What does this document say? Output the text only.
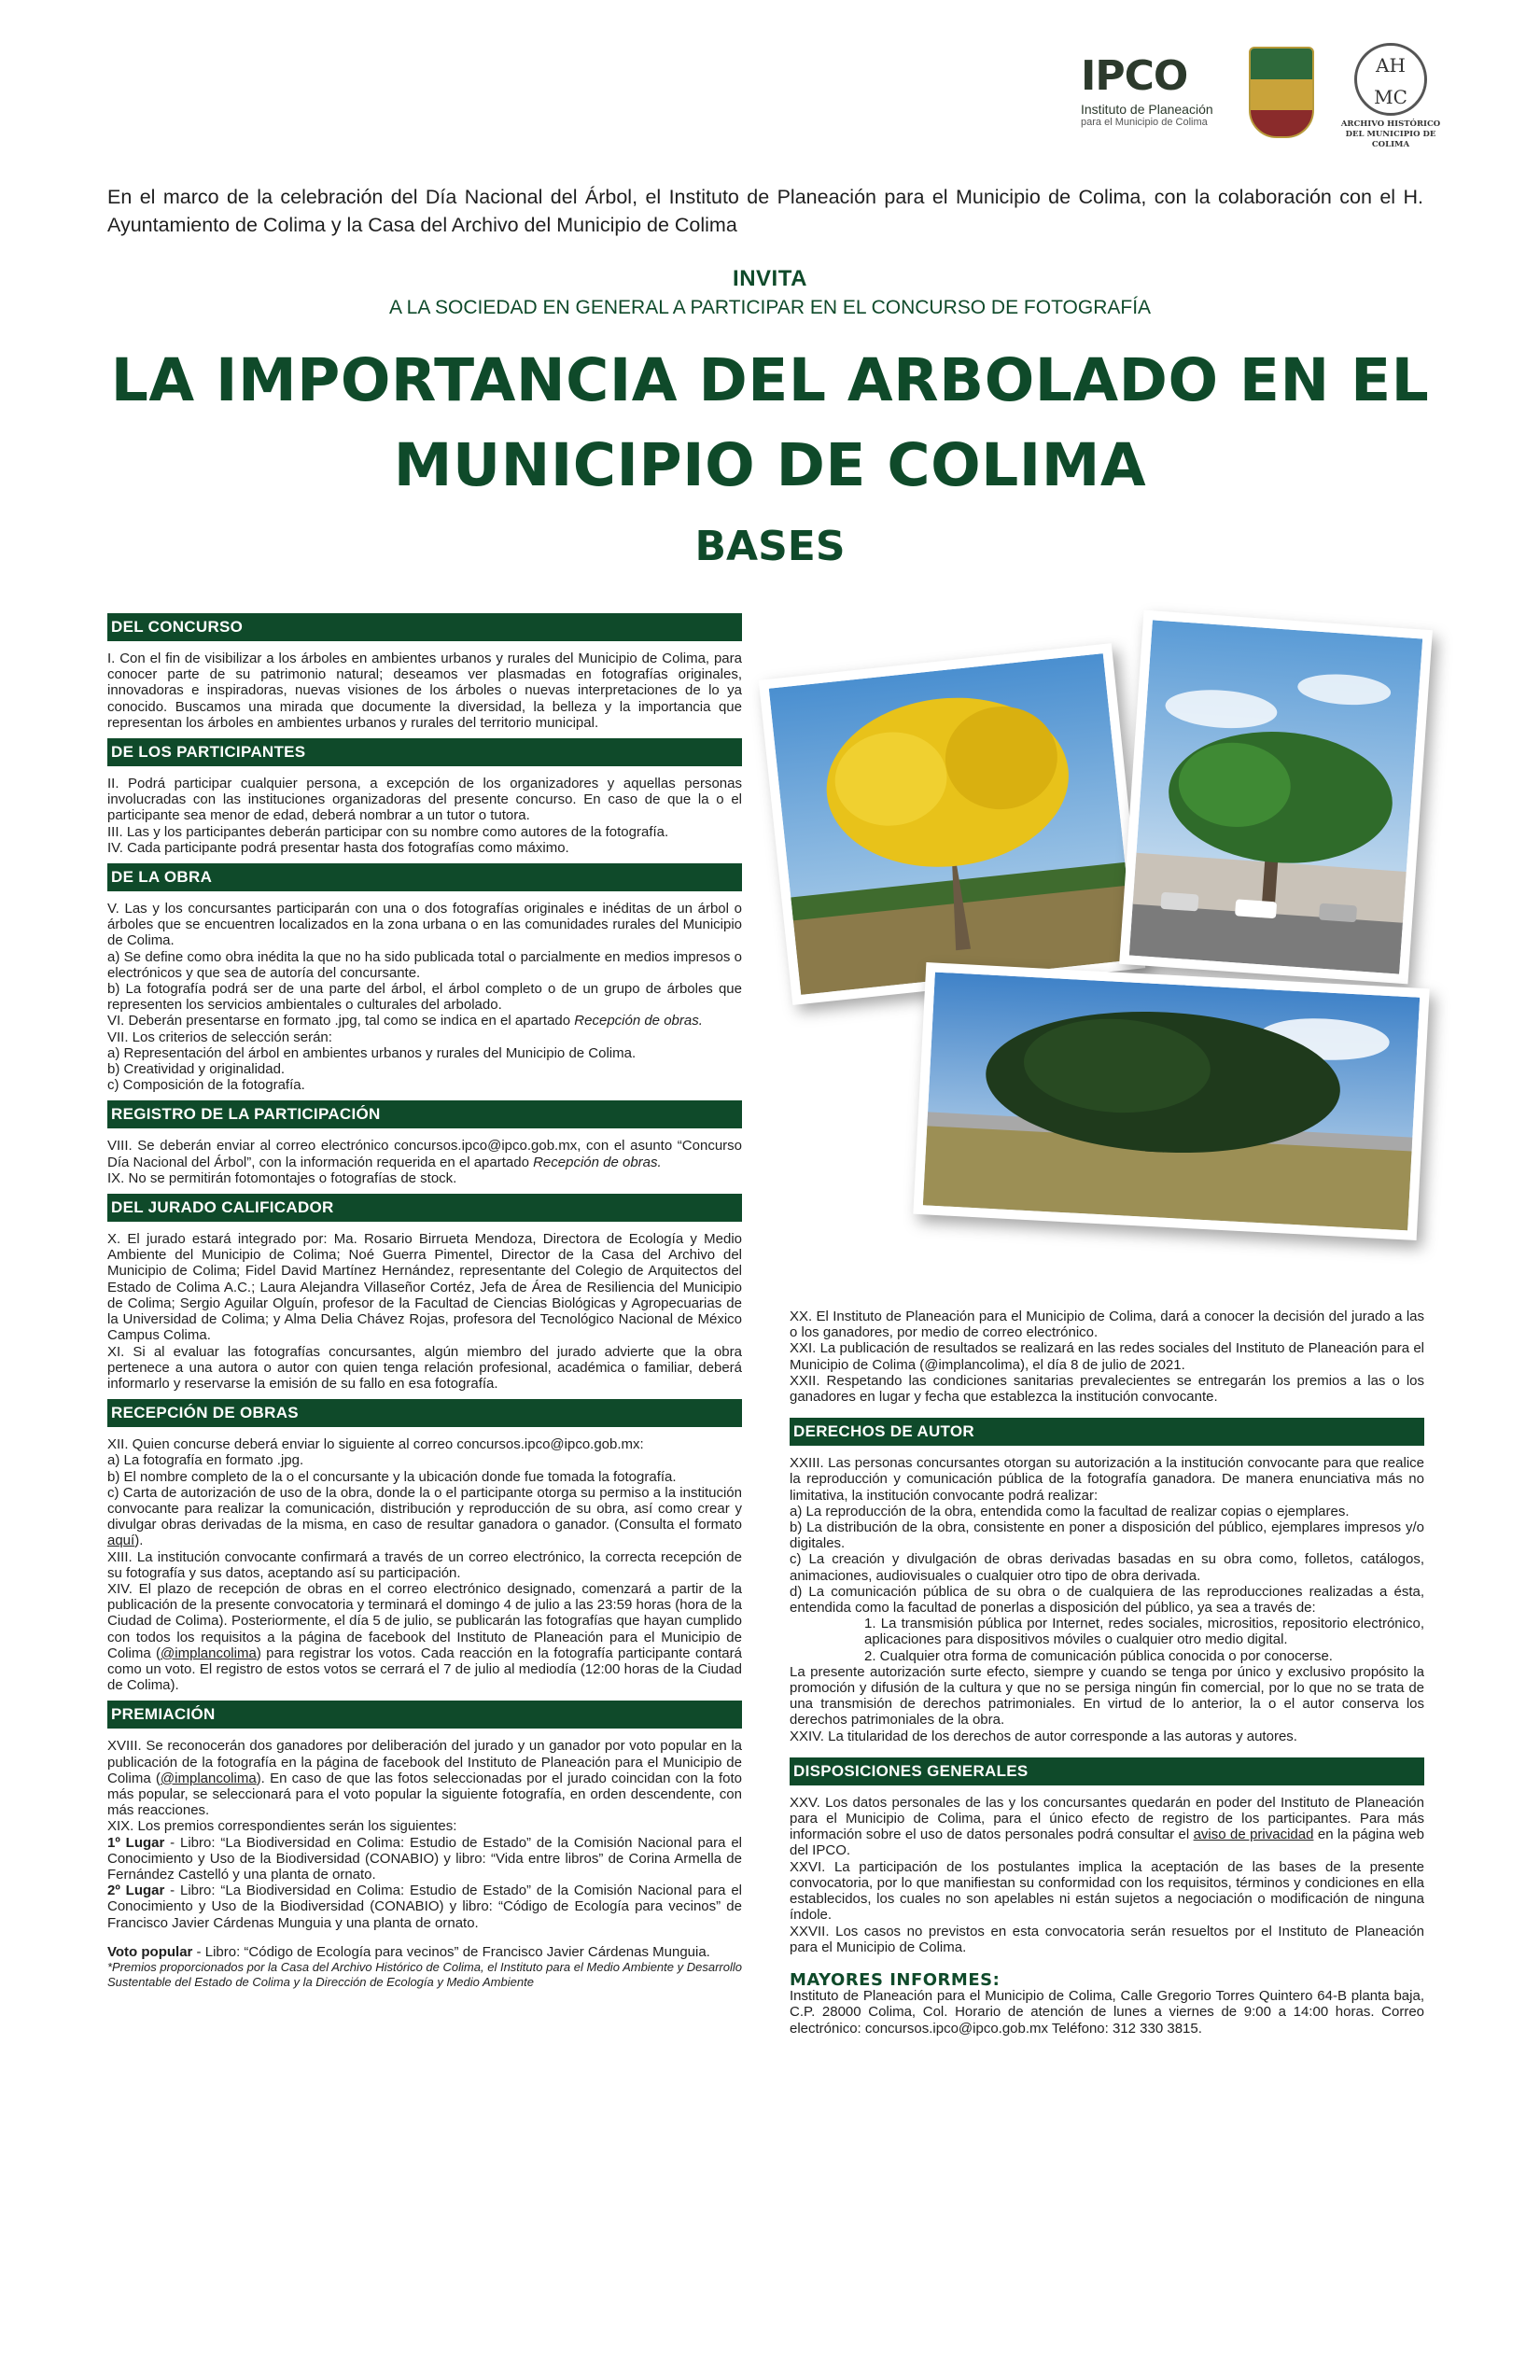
IPCO
Instituto de Planeación
para el Municipio de Colima
AH
MC
ARCHIVO HISTÓRICO
DEL MUNICIPIO DE COLIMA
En el marco de la celebración del Día Nacional del Árbol, el Instituto de Planeación para el Municipio de Colima, con la colaboración con el H. Ayuntamiento de Colima y la Casa del Archivo del Municipio de Colima
INVITA
A LA SOCIEDAD EN GENERAL A PARTICIPAR EN EL CONCURSO DE FOTOGRAFÍA
LA IMPORTANCIA DEL ARBOLADO EN EL
MUNICIPIO DE COLIMA
BASES
DEL CONCURSO

I. Con el fin de visibilizar a los árboles en ambientes urbanos y rurales del Municipio de Colima, para conocer parte de su patrimonio natural; deseamos ver plasmadas en fotografías originales, innovadoras e inspiradoras, nuevas visiones de los árboles o nuevas interpretaciones de lo ya conocido. Buscamos una mirada que documente la diversidad, la belleza y la importancia que representan los árboles en ambientes urbanos y rurales del territorio municipal.

DE LOS PARTICIPANTES

II. Podrá participar cualquier persona, a excepción de los organizadores y aquellas personas involucradas con las instituciones organizadoras del presente concurso. En caso de que la o el participante sea menor de edad, deberá nombrar a un tutor o tutora.

III. Las y los participantes deberán participar con su nombre como autores de la fotografía.

IV. Cada participante podrá presentar hasta dos fotografías como máximo.

DE LA OBRA

V. Las y los concursantes participarán con una o dos fotografías originales e inéditas de un árbol o árboles que se encuentren localizados en la zona urbana o en las comunidades rurales del Municipio de Colima.

a) Se define como obra inédita la que no ha sido publicada total o parcialmente en medios impresos o electrónicos y que sea de autoría del concursante.

b) La fotografía podrá ser de una parte del árbol, el árbol completo o de un grupo de árboles que representen los servicios ambientales o culturales del arbolado.

VI. Deberán presentarse en formato .jpg, tal como se indica en el apartado Recepción de obras.

VII. Los criterios de selección serán:

a) Representación del árbol en ambientes urbanos y rurales del Municipio de Colima.

b) Creatividad y originalidad.

c) Composición de la fotografía.

REGISTRO DE LA PARTICIPACIÓN

VIII. Se deberán enviar al correo electrónico concursos.ipco@ipco.gob.mx, con el asunto “Concurso Día Nacional del Árbol”, con la información requerida en el apartado Recepción de obras.

IX. No se permitirán fotomontajes o fotografías de stock.

DEL JURADO CALIFICADOR

X. El jurado estará integrado por: Ma. Rosario Birrueta Mendoza, Directora de Ecología y Medio Ambiente del Municipio de Colima; Noé Guerra Pimentel, Director de la Casa del Archivo del Municipio de Colima; Fidel David Martínez Hernández, representante del Colegio de Arquitectos del Estado de Colima A.C.; Laura Alejandra Villaseñor Cortéz, Jefa de Área de Resiliencia del Municipio de Colima; Sergio Aguilar Olguín, profesor de la Facultad de Ciencias Biológicas y Agropecuarias de la Universidad de Colima; y Alma Delia Chávez Rojas, profesora del Tecnológico Nacional de México Campus Colima.

XI. Si al evaluar las fotografías concursantes, algún miembro del jurado advierte que la obra pertenece a una autora o autor con quien tenga relación profesional, académica o familiar, deberá informarlo y reservarse la emisión de su fallo en esa fotografía.

RECEPCIÓN DE OBRAS

XII. Quien concurse deberá enviar lo siguiente al correo concursos.ipco@ipco.gob.mx:

a) La fotografía en formato .jpg.

b) El nombre completo de la o el concursante y la ubicación donde fue tomada la fotografía.

c) Carta de autorización de uso de la obra, donde la o el participante otorga su permiso a la institución convocante para realizar la comunicación, distribución y reproducción de su obra, así como crear y divulgar obras derivadas de la misma, en caso de resultar ganadora o ganador. (Consulta el formato aquí).

XIII. La institución convocante confirmará a través de un correo electrónico, la correcta recepción de su fotografía y sus datos, aceptando así su participación.

XIV. El plazo de recepción de obras en el correo electrónico designado, comenzará a partir de la publicación de la presente convocatoria y terminará el domingo 4 de julio a las 23:59 horas (hora de la Ciudad de Colima). Posteriormente, el día 5 de julio, se publicarán las fotografías que hayan cumplido con todos los requisitos a la página de facebook del Instituto de Planeación para el Municipio de Colima (@implancolima) para registrar los votos. Cada reacción en la fotografía participante contará como un voto. El registro de estos votos se cerrará el 7 de julio al mediodía (12:00 horas de la Ciudad de Colima).

PREMIACIÓN

XVIII. Se reconocerán dos ganadores por deliberación del jurado y un ganador por voto popular en la publicación de la fotografía en la página de facebook del Instituto de Planeación para el Municipio de Colima (@implancolima). En caso de que las fotos seleccionadas por el jurado coincidan con la foto más popular, se seleccionará para el voto popular la siguiente fotografía, en orden descendente, con más reacciones.

XIX. Los premios correspondientes serán los siguientes:

1º Lugar - Libro: “La Biodiversidad en Colima: Estudio de Estado” de la Comisión Nacional para el Conocimiento y Uso de la Biodiversidad (CONABIO) y libro: “Vida entre libros” de Corina Armella de Fernández Castelló y una planta de ornato.

2º Lugar - Libro: “La Biodiversidad en Colima: Estudio de Estado” de la Comisión Nacional para el Conocimiento y Uso de la Biodiversidad (CONABIO) y libro: “Código de Ecología para vecinos” de Francisco Javier Cárdenas Munguia y una planta de ornato.

Voto popular - Libro: “Código de Ecología para vecinos” de Francisco Javier Cárdenas Munguia.

*Premios proporcionados por la Casa del Archivo Histórico de Colima, el Instituto para el Medio Ambiente y Desarrollo Sustentable del Estado de Colima y la Dirección de Ecología y Medio Ambiente

XX. El Instituto de Planeación para el Municipio de Colima, dará a conocer la decisión del jurado a las o los ganadores, por medio de correo electrónico.

XXI. La publicación de resultados se realizará en las redes sociales del Instituto de Planeación para el Municipio de Colima (@implancolima), el día 8 de julio de 2021.

XXII. Respetando las condiciones sanitarias prevalecientes se entregarán los premios a las o los ganadores en lugar y fecha que establezca la institución convocante.

DERECHOS DE AUTOR

XXIII. Las personas concursantes otorgan su autorización a la institución convocante para que realice la reproducción y comunicación pública de la fotografía ganadora. De manera enunciativa más no limitativa, la institución convocante podrá realizar:

a) La reproducción de la obra, entendida como la facultad de realizar copias o ejemplares.

b) La distribución de la obra, consistente en poner a disposición del público, ejemplares impresos y/o digitales.

c) La creación y divulgación de obras derivadas basadas en su obra como, folletos, catálogos, animaciones, audiovisuales o cualquier otro tipo de obra derivada.

d) La comunicación pública de su obra o de cualquiera de las reproducciones realizadas a ésta, entendida como la facultad de ponerlas a disposición del público, ya sea a través de:

1. La transmisión pública por Internet, redes sociales, micrositios, repositorio electrónico, aplicaciones para dispositivos móviles o cualquier otro medio digital.

2. Cualquier otra forma de comunicación pública conocida o por conocerse.

La presente autorización surte efecto, siempre y cuando se tenga por único y exclusivo propósito la promoción y difusión de la cultura y que no se persiga ningún fin comercial, por lo que no se trata de una transmisión de derechos patrimoniales. En virtud de lo anterior, la o el autor conserva los derechos patrimoniales de la obra.

XXIV. La titularidad de los derechos de autor corresponde a las autoras y autores.

DISPOSICIONES GENERALES

XXV. Los datos personales de las y los concursantes quedarán en poder del Instituto de Planeación para el Municipio de Colima, para el único efecto de registro de los participantes. Para más información sobre el uso de datos personales podrá consultar el aviso de privacidad en la página web del IPCO.

XXVI. La participación de los postulantes implica la aceptación de las bases de la presente convocatoria, por lo que manifiestan su conformidad con los requisitos, términos y condiciones en ella establecidos, los cuales no son apelables ni están sujetos a negociación o modificación de ninguna índole.

XXVII. Los casos no previstos en esta convocatoria serán resueltos por el Instituto de Planeación para el Municipio de Colima.

MAYORES INFORMES:

Instituto de Planeación para el Municipio de Colima, Calle Gregorio Torres Quintero 64-B planta baja, C.P. 28000 Colima, Col. Horario de atención de lunes a viernes de 9:00 a 14:00 horas. Correo electrónico: concursos.ipco@ipco.gob.mx Teléfono: 312 330 3815.
